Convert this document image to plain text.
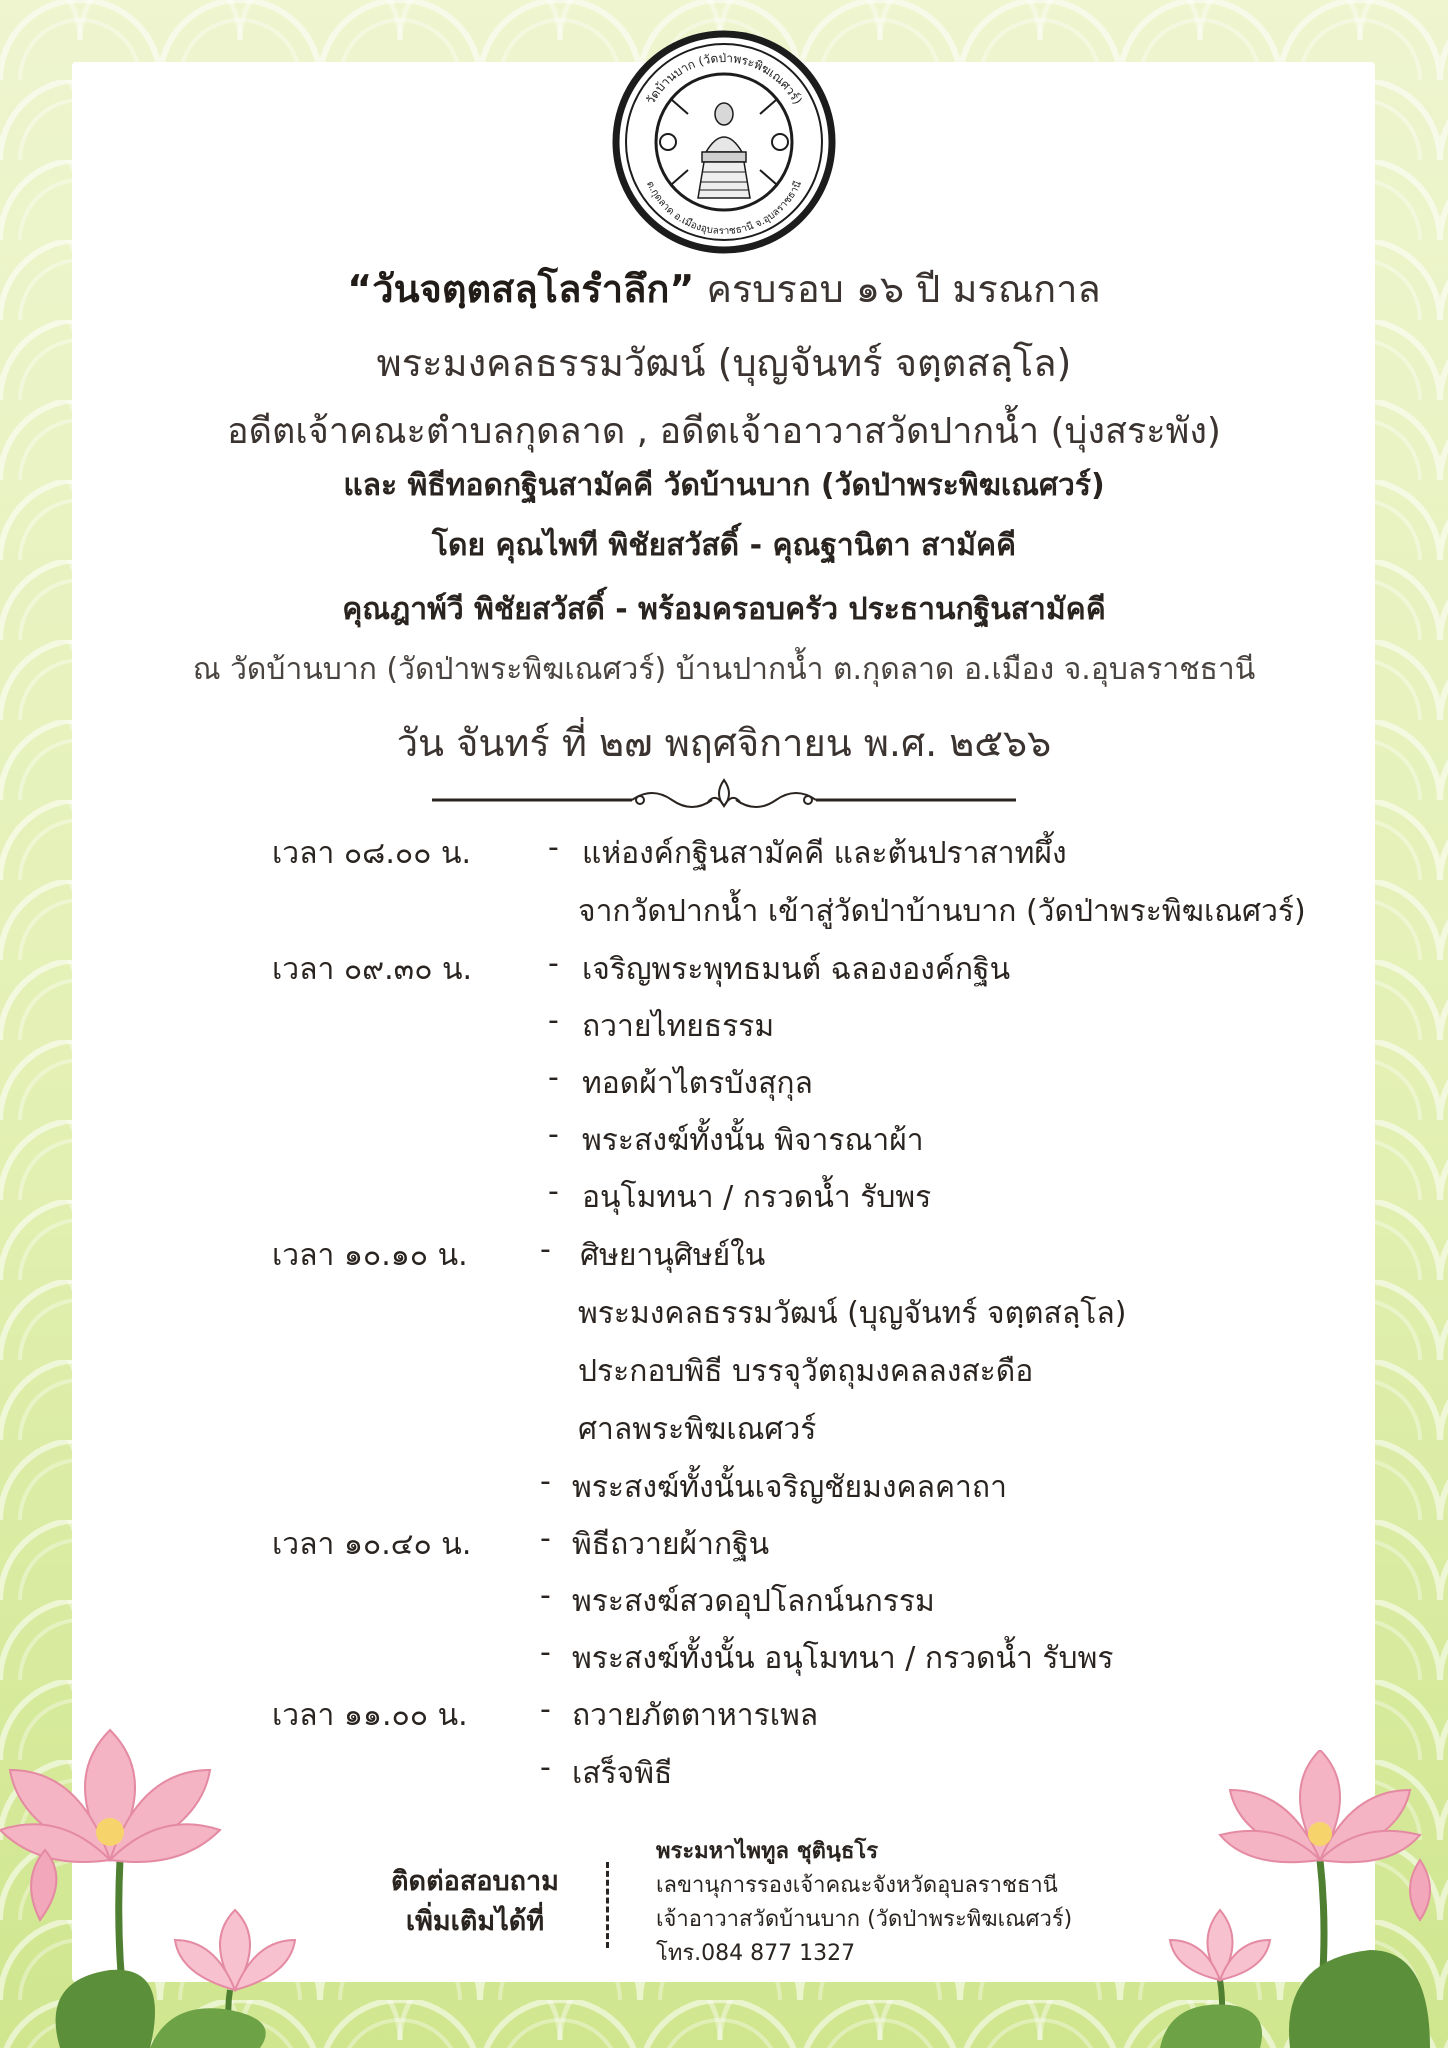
วัดบ้านบาก (วัดป่าพระพิฆเณศวร์)
ต.กุดลาด อ.เมืองอุบลราชธานี จ.อุบลราชธานี
“วันจตฺตสลฺโลรำลึก” ครบรอบ ๑๖ ปี มรณกาล
พระมงคลธรรมวัฒน์ (บุญจันทร์ จตฺตสลฺโล)
อดีตเจ้าคณะตำบลกุดลาด , อดีตเจ้าอาวาสวัดปากน้ำ (บุ่งสระพัง)
และ พิธีทอดกฐินสามัคคี วัดบ้านบาก (วัดป่าพระพิฆเณศวร์)
โดย คุณไพที พิชัยสวัสดิ์ - คุณฐานิตา สามัคคี
คุณฎาพ์วี พิชัยสวัสดิ์ - พร้อมครอบครัว ประธานกฐินสามัคคี
ณ วัดบ้านบาก (วัดป่าพระพิฆเณศวร์) บ้านปากน้ำ ต.กุดลาด อ.เมือง จ.อุบลราชธานี
วัน จันทร์ ที่ ๒๗ พฤศจิกายน พ.ศ. ๒๕๖๖
เวลา ๐๘.๐๐ น.	- แห่องค์กฐินสามัคคี และต้นปราสาทผึ้ง
จากวัดปากน้ำ เข้าสู่วัดป่าบ้านบาก (วัดป่าพระพิฆเณศวร์)
เวลา ๐๙.๓๐ น.	- เจริญพระพุทธมนต์ ฉลององค์กฐิน
- ถวายไทยธรรม
- ทอดผ้าไตรบังสุกุล
- พระสงฆ์ทั้งนั้น พิจารณาผ้า
- อนุโมทนา / กรวดน้ำ รับพร
เวลา ๑๐.๑๐ น. - ศิษยานุศิษย์ใน
พระมงคลธรรมวัฒน์ (บุญจันทร์ จตฺตสลฺโล)
ประกอบพิธี บรรจุวัตถุมงคลลงสะดือ
ศาลพระพิฆเณศวร์
- พระสงฆ์ทั้งนั้นเจริญชัยมงคลคาถา
เวลา ๑๐.๔๐ น. - พิธีถวายผ้ากฐิน
- พระสงฆ์สวดอุปโลกน์นกรรม
- พระสงฆ์ทั้งนั้น อนุโมทนา / กรวดน้ำ รับพร
เวลา ๑๑.๐๐ น. - ถวายภัตตาหารเพล
- เสร็จพิธี
ติดต่อสอบถาม
เพิ่มเติมได้ที่
พระมหาไพทูล ชุตินฺธโร
เลขานุการรองเจ้าคณะจังหวัดอุบลราชธานี
เจ้าอาวาสวัดบ้านบาก (วัดป่าพระพิฆเณศวร์)
โทร.084 877 1327
